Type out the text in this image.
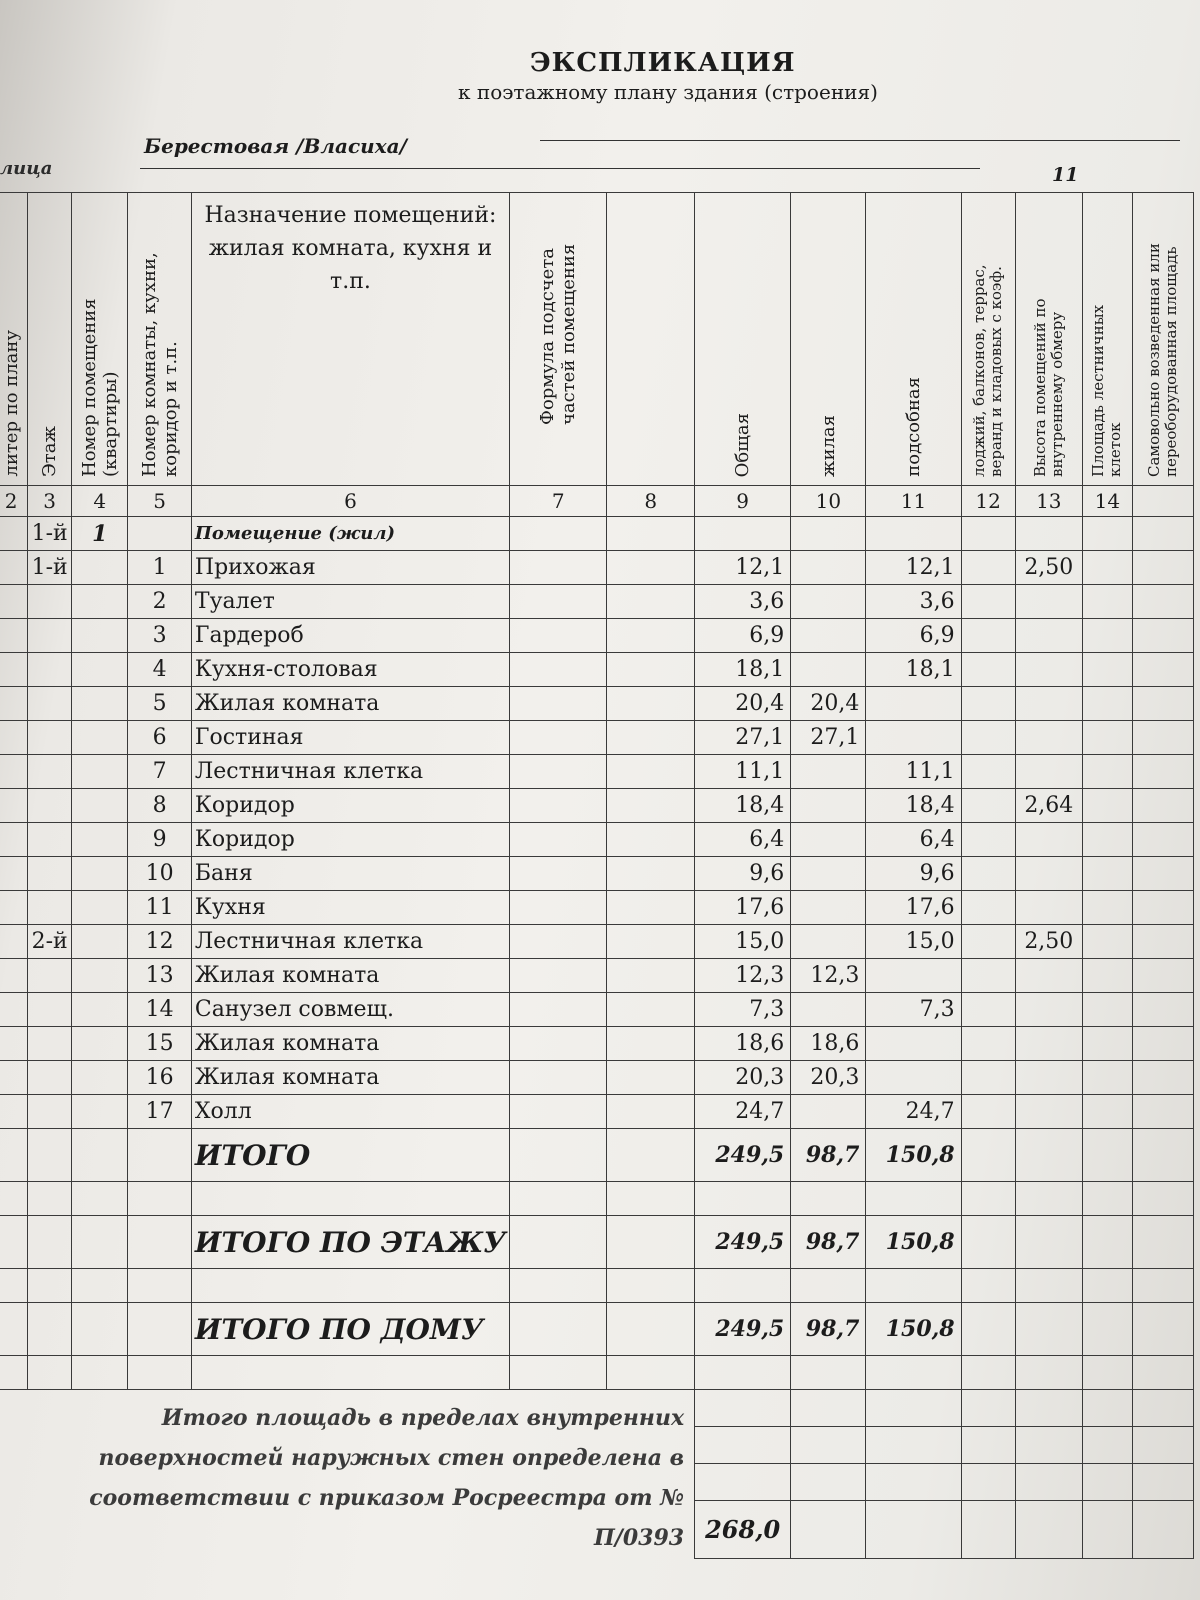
ЭКСПЛИКАЦИЯ
к поэтажному плану здания (строения)
лица
Берестовая /Власиха/
11
литер по плану	Этаж	Номер помещения (квартиры)	Номер комнаты, кухни, коридор и т.п.	Назначение помещений: жилая комната, кухня и т.п.	Формула подсчета частей помещения		Общая	жилая	подсобная	лоджий, балконов, террас, веранд и кладовых с коэф.	Высота помещений по внутреннему обмеру	Площадь лестничных клеток	Самовольно возведенная или переоборудованная площадь

2	3	4	5	6	7	8	9	10	11	12	13	14	
	1-й	1		Помещение (жил)									
	1-й		1	Прихожая			12,1		12,1		2,50		
			2	Туалет			3,6		3,6				
			3	Гардероб			6,9		6,9				
			4	Кухня-столовая			18,1		18,1				
			5	Жилая комната			20,4	20,4					
			6	Гостиная			27,1	27,1					
			7	Лестничная клетка			11,1		11,1				
			8	Коридор			18,4		18,4		2,64		
			9	Коридор			6,4		6,4				
			10	Баня			9,6		9,6				
			11	Кухня			17,6		17,6				
	2-й		12	Лестничная клетка			15,0		15,0		2,50		
			13	Жилая комната			12,3	12,3					
			14	Санузел совмещ.			7,3		7,3				
			15	Жилая комната			18,6	18,6					
			16	Жилая комната			20,3	20,3					
			17	Холл			24,7		24,7				
				ИТОГО			249,5	98,7	150,8				

				ИТОГО ПО ЭТАЖУ			249,5	98,7	150,8				

				ИТОГО ПО ДОМУ			249,5	98,7	150,8				

Итого площадь в пределах внутренних поверхностей наружных стен определена в соответствии с приказом Росреестра от № П/0393													

							268,0						
